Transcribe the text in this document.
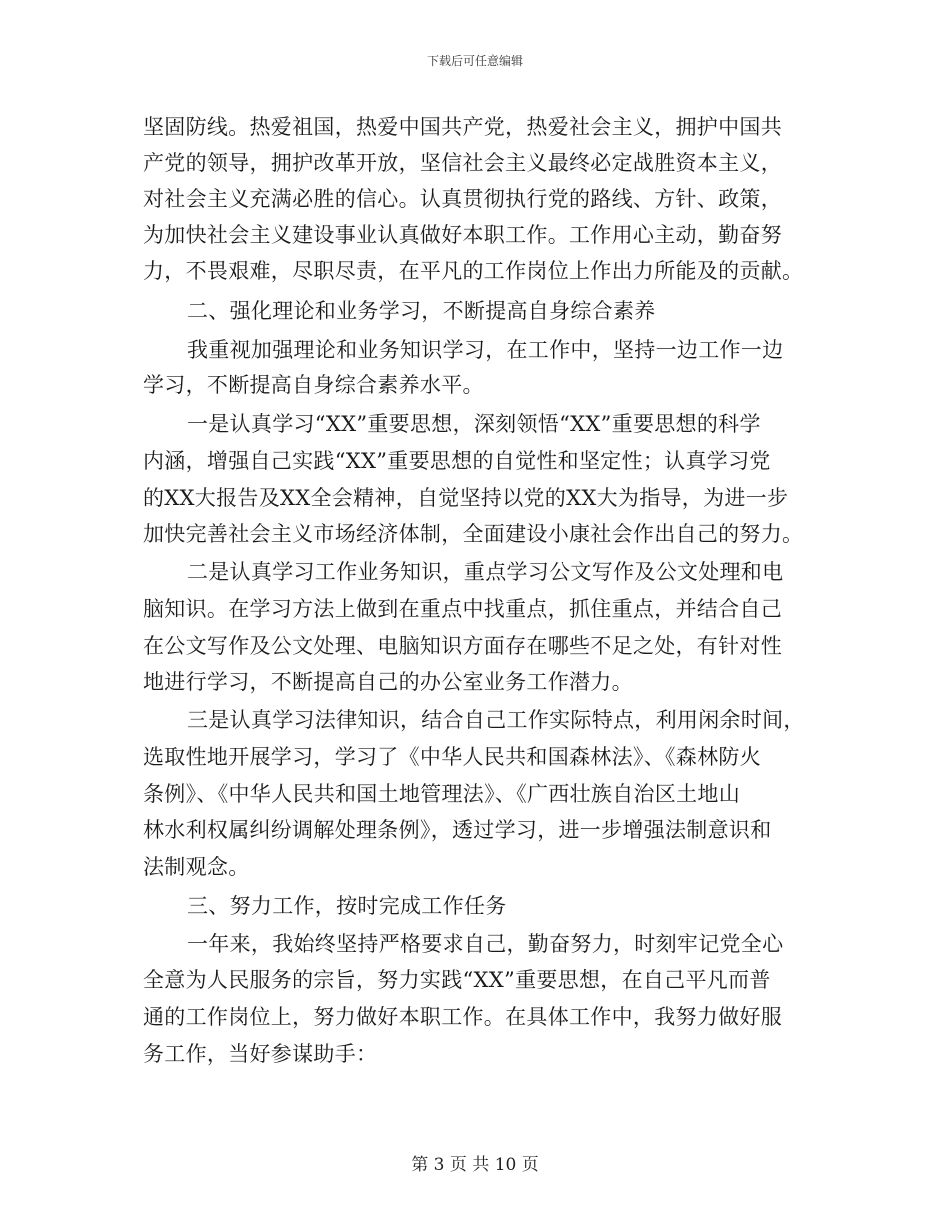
下载后可任意编辑
坚固防线。热爱祖国，热爱中国共产党，热爱社会主义，拥护中国共
产党的领导，拥护改革开放，坚信社会主义最终必定战胜资本主义，
对社会主义充满必胜的信心。认真贯彻执行党的路线、方针、政策，
为加快社会主义建设事业认真做好本职工作。工作用心主动，勤奋努
力，不畏艰难，尽职尽责，在平凡的工作岗位上作出力所能及的贡献。
二、强化理论和业务学习，不断提高自身综合素养
我重视加强理论和业务知识学习，在工作中，坚持一边工作一边
学习，不断提高自身综合素养水平。
一是认真学习“XX”重要思想，深刻领悟“XX”重要思想的科学
内涵，增强自己实践“XX”重要思想的自觉性和坚定性；认真学习党
的XX大报告及XX全会精神，自觉坚持以党的XX大为指导，为进一步
加快完善社会主义市场经济体制，全面建设小康社会作出自己的努力。
二是认真学习工作业务知识，重点学习公文写作及公文处理和电
脑知识。在学习方法上做到在重点中找重点，抓住重点，并结合自己
在公文写作及公文处理、电脑知识方面存在哪些不足之处，有针对性
地进行学习，不断提高自己的办公室业务工作潜力。
三是认真学习法律知识，结合自己工作实际特点，利用闲余时间，
选取性地开展学习，学习了《中华人民共和国森林法》、《森林防火
条例》、《中华人民共和国土地管理法》、《广西壮族自治区土地山
林水利权属纠纷调解处理条例》，透过学习，进一步增强法制意识和
法制观念。
三、努力工作，按时完成工作任务
一年来，我始终坚持严格要求自己，勤奋努力，时刻牢记党全心
全意为人民服务的宗旨，努力实践“XX”重要思想，在自己平凡而普
通的工作岗位上，努力做好本职工作。在具体工作中，我努力做好服
务工作，当好参谋助手：
第 3 页 共 10 页
